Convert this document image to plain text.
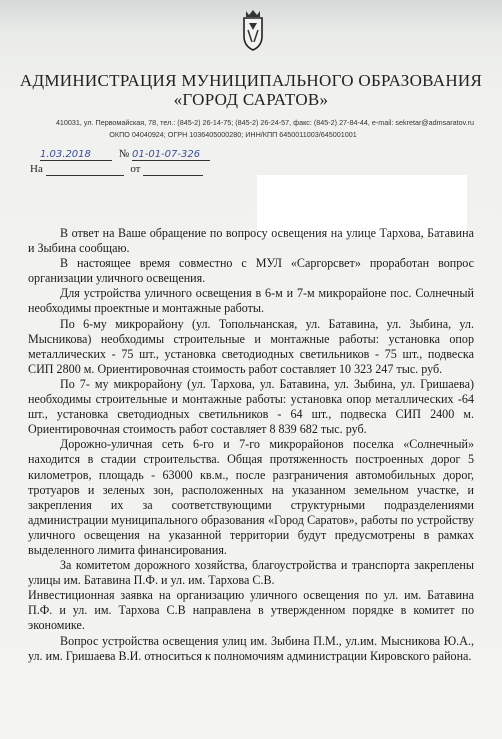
АДМИНИСТРАЦИЯ МУНИЦИПАЛЬНОГО ОБРАЗОВАНИЯ
«ГОРОД САРАТОВ»
410031, ул. Первомайская, 78, тел.: (845-2) 26-14-75; (845-2) 26-24-57, факс: (845-2) 27-84-44, e-mail: sekretar@admsaratov.ru
ОКПО 04040924; ОГРН 1036405000280; ИНН/КПП 6450011003/645001001
1.03.2018	№ 01-01-07-326
На	от

В ответ на Ваше обращение по вопросу освещения на улице Тархова, Батавина и Зыбина сообщаю.

В настоящее время совместно с МУЛ «Саргорсвет» проработан вопрос организации уличного освещения.

Для устройства уличного освещения в 6-м и 7-м микрорайоне пос. Солнечный необходимы проектные и монтажные работы.

По 6-му микрорайону (ул. Топольчанская, ул. Батавина, ул. Зыбина, ул. Мысникова) необходимы строительные и монтажные работы: установка опор металлических - 75 шт., установка светодиодных светильников - 75 шт., подвеска СИП 2800 м. Ориентировочная стоимость работ составляет 10 323 247 тыс. руб.

По 7- му микрорайону (ул. Тархова, ул. Батавина, ул. Зыбина, ул. Гришаева) необходимы строительные и монтажные работы: установка опор металлических -64 шт., установка светодиодных светильников - 64 шт., подвеска СИП 2400 м. Ориентировочная стоимость работ составляет 8 839 682 тыс. руб.

Дорожно-уличная сеть 6-го и 7-го микрорайонов поселка «Солнечный» находится в стадии строительства. Общая протяженность построенных дорог 5 километров, площадь - 63000 кв.м., после разграничения автомобильных дорог, тротуаров и зеленых зон, расположенных на указанном земельном участке, и закрепления их за соответствующими структурными подразделениями администрации муниципального образования «Город Саратов», работы по устройству уличного освещения на указанной территории будут предусмотрены в рамках выделенного лимита финансирования.

За комитетом дорожного хозяйства, благоустройства и транспорта закреплены улицы им. Батавина П.Ф. и ул. им. Тархова С.В.

Инвестиционная заявка на организацию уличного освещения по ул. им. Батавина П.Ф. и ул. им. Тархова С.В направлена в утвержденном порядке в комитет по экономике.

Вопрос устройства освещения улиц им. Зыбина П.М., ул.им. Мысникова Ю.А., ул. им. Гришаева В.И. относиться к полномочиям администрации Кировского района.
